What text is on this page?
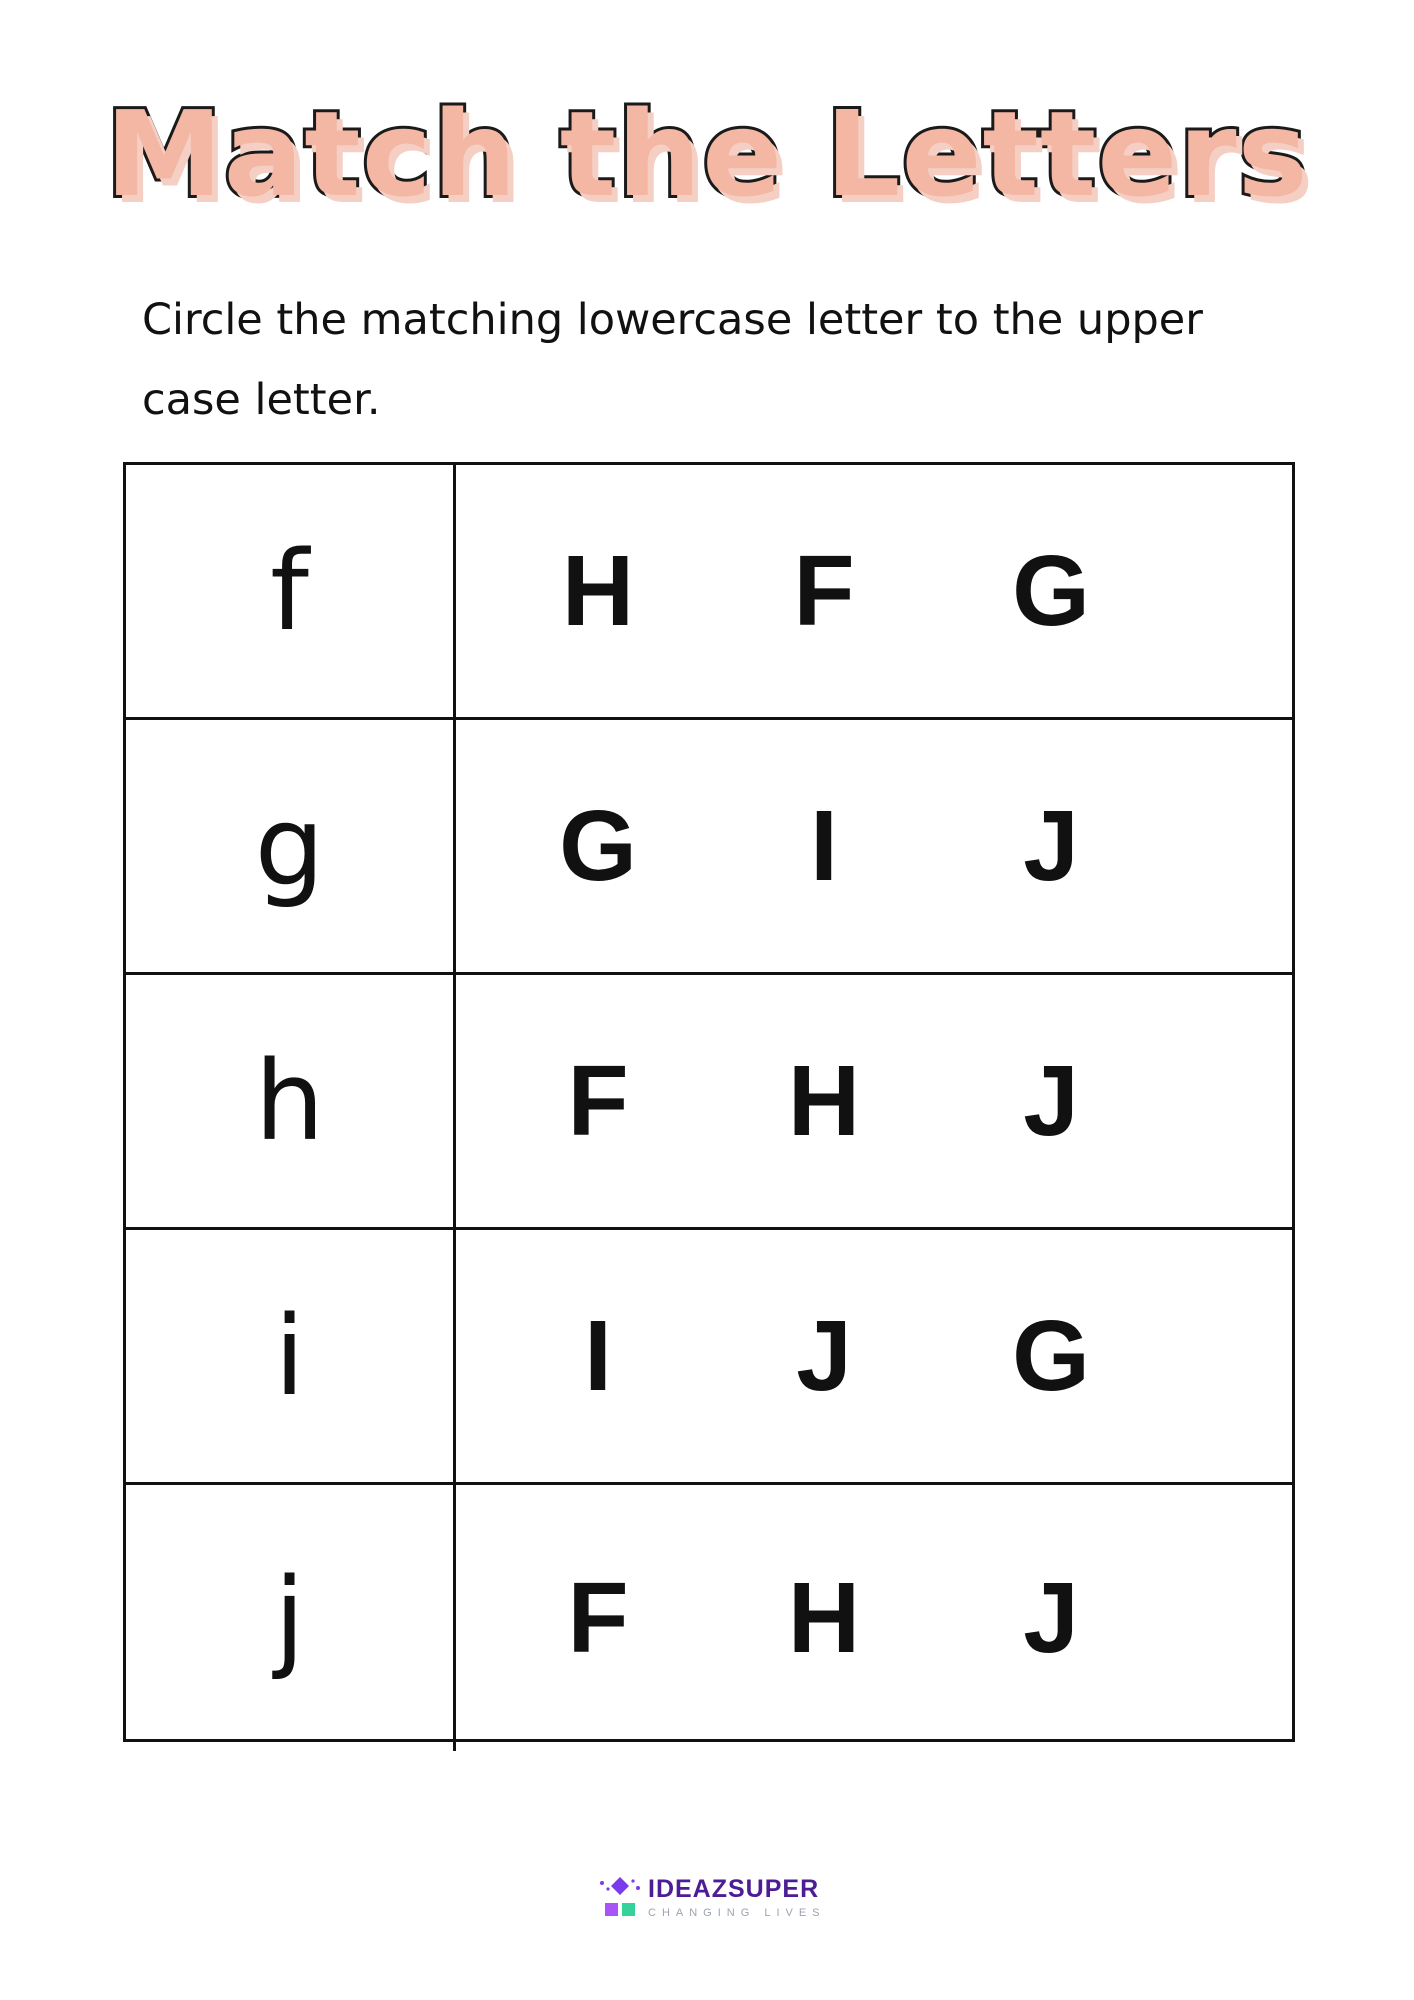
Match the Letters
Circle the matching lowercase letter to the upper case letter.
f	H F G
g	G I J
h	F H J
i	I J G
j	F H J
IDEAZSUPER
CHANGING LIVES
